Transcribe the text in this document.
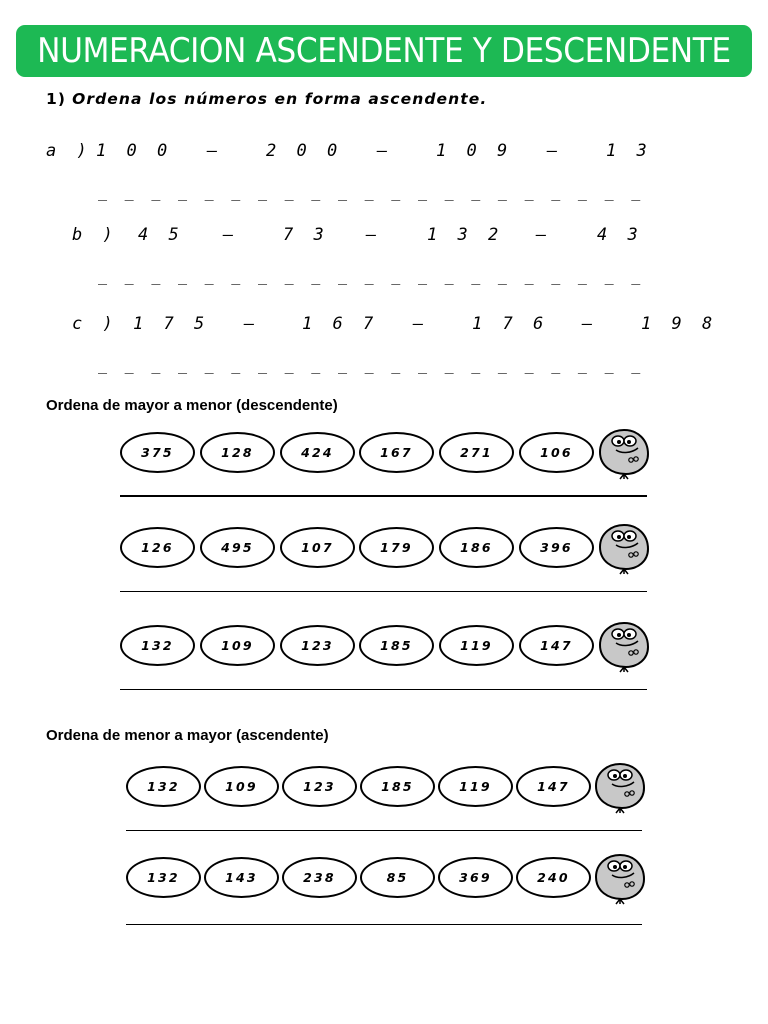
NUMERACION ASCENDENTE Y DESCENDENTE
1) Ordena los números en forma ascendente.
a ) 1 0 0 –	2 0 0 –	1 0 9 –	1 3
_ _ _ _ _ _ _ _ _ _ _ _ _ _ _ _ _ _ _ _ _
b ) 4 5 –	7 3 –	1 3 2 –	4 3
_ _ _ _ _ _ _ _ _ _ _ _ _ _ _ _ _ _ _ _ _
c ) 1 7 5 –	1 6 7 –	1 7 6 –	1 9 8
_ _ _ _ _ _ _ _ _ _ _ _ _ _ _ _ _ _ _ _ _
Ordena de mayor a menor (descendente)
375	128	424	167	271	106
126	495	107	179	186	396
132	109	123	185	119	147
Ordena de menor a mayor (ascendente)
132	109	123	185	119	147
132	143	238	85	369	240
